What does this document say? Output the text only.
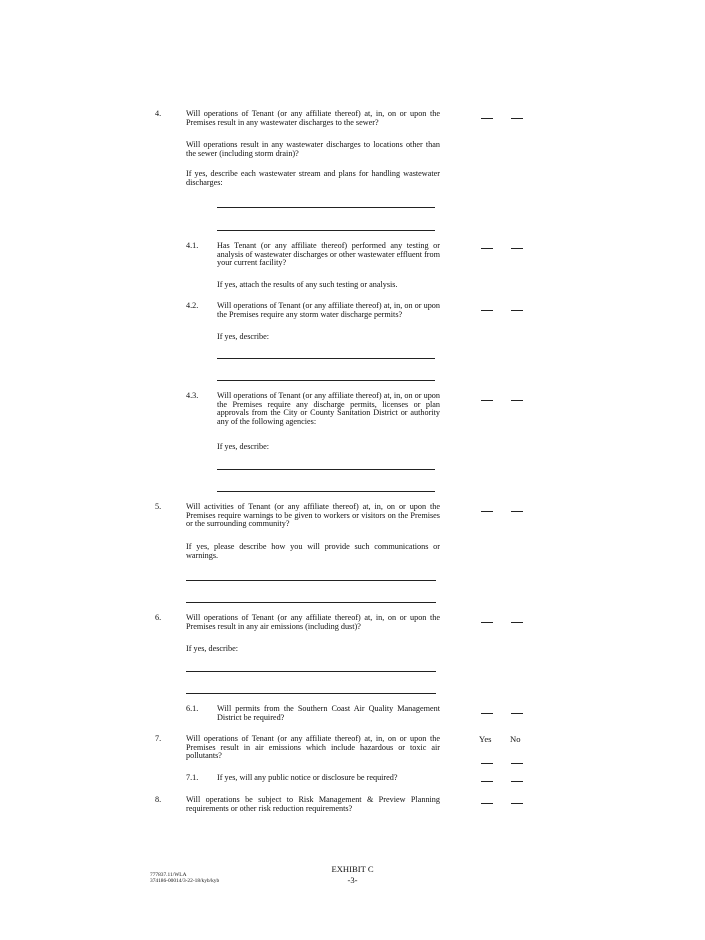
4.	Will operations of Tenant (or any affiliate thereof) at, in, on or upon the Premises result in any wastewater discharges to the sewer?
Will operations result in any wastewater discharges to locations other than the sewer (including storm drain)?
If yes, describe each wastewater stream and plans for handling wastewater discharges:
4.1. Has Tenant (or any affiliate thereof) performed any testing or analysis of wastewater discharges or other wastewater effluent from your current facility?
If yes, attach the results of any such testing or analysis.
4.2. Will operations of Tenant (or any affiliate thereof) at, in, on or upon the Premises require any storm water discharge permits?
If yes, describe:
4.3. Will operations of Tenant (or any affiliate thereof) at, in, on or upon the Premises require any discharge permits, licenses or plan approvals from the City or County Sanitation District or authority any of the following agencies:
If yes, describe:
5.	Will activities of Tenant (or any affiliate thereof) at, in, on or upon the Premises require warnings to be given to workers or visitors on the Premises or the surrounding community?
If yes, please describe how you will provide such communications or warnings.
6.	Will operations of Tenant (or any affiliate thereof) at, in, on or upon the Premises result in any air emissions (including dust)?
If yes, describe:
6.1. Will permits from the Southern Coast Air Quality Management District be required?
7.	Will operations of Tenant (or any affiliate thereof) at, in, on or upon the Premises result in air emissions which include hazardous or toxic air pollutants?
Yes No
7.1. If yes, will any public notice or disclosure be required?
8.	Will operations be subject to Risk Management & Preview Planning requirements or other risk reduction requirements?
777837.11/WLA
374186-00014/3-22-18/kyb/kyb
EXHIBIT C
-3-
